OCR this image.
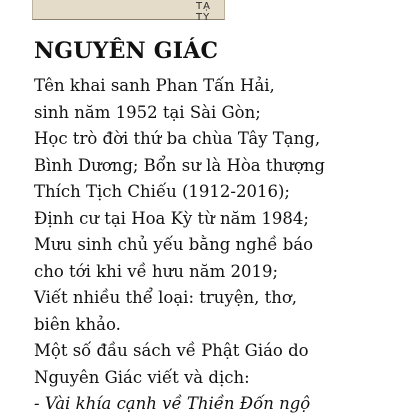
TẠ TY
NGUYÊN GIÁC

Tên khai sanh Phan Tấn Hải,
sinh năm 1952 tại Sài Gòn;
Học trò đời thứ ba chùa Tây Tạng,
Bình Dương; Bổn sư là Hòa thượng
Thích Tịch Chiếu (1912-2016);
Định cư tại Hoa Kỳ từ năm 1984;
Mưu sinh chủ yếu bằng nghề báo
cho tới khi về hưu năm 2019;
Viết nhiều thể loại: truyện, thơ,
biên khảo.

Một số đầu sách về Phật Giáo do
Nguyên Giác viết và dịch:
- Vài khía cạnh về Thiền Đốn ngộ
